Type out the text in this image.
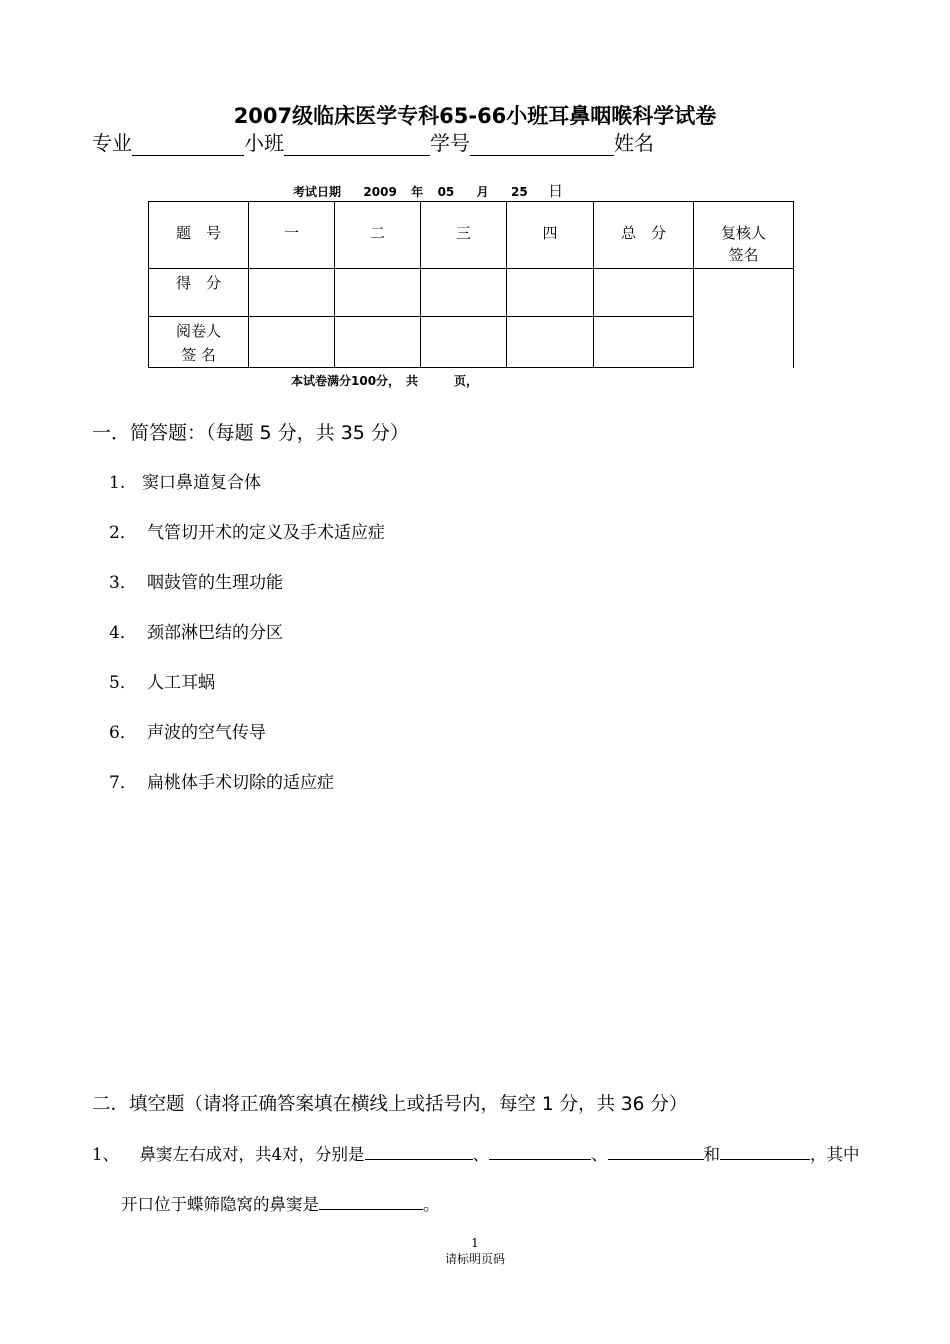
2007级临床医学专科65-66小班耳鼻咽喉科学试卷
专业	小班	学号	姓名
考试日期 2009 年 05 月 25 日
题　号	一	二	三	四	总　分	复核人
签名

得　分						

阅卷人
签 名						

本试卷满分100分，　共　　　页，
一．简答题：（每题 5 分，共 35 分）
1. 窦口鼻道复合体
2． 气管切开术的定义及手术适应症
3． 咽鼓管的生理功能
4． 颈部淋巴结的分区
5． 人工耳蜗
6． 声波的空气传导
7． 扁桃体手术切除的适应症
二．填空题（请将正确答案填在横线上或括号内，每空 1 分，共 36 分）
1、 鼻窦左右成对，共4对，分别是	、	、	和	，其中
开口位于蝶筛隐窝的鼻窦是	。
1
请标明页码
